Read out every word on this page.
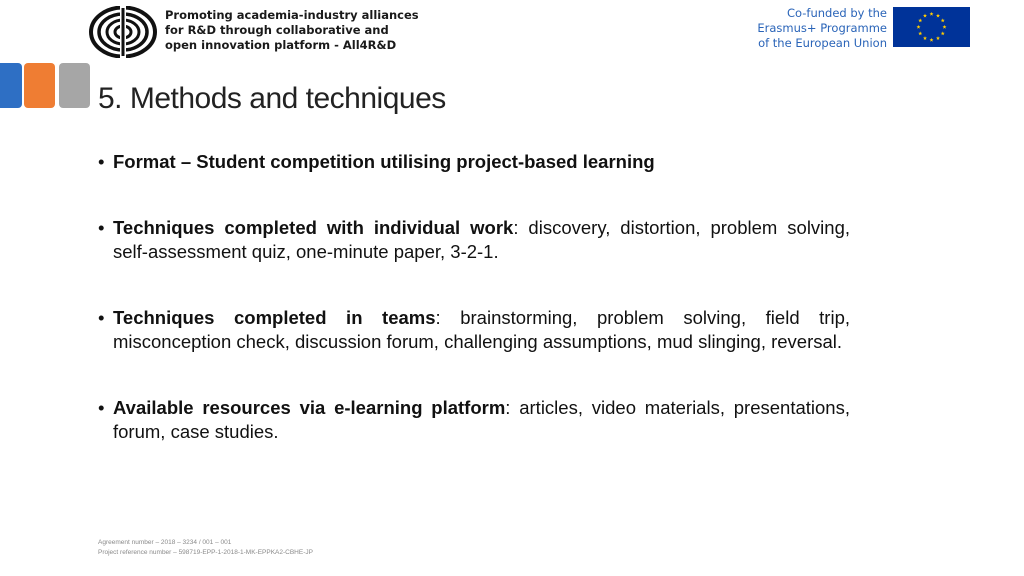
Promoting academia-industry alliances
for R&D through collaborative and
open innovation platform - All4R&D
Co-funded by the
Erasmus+ Programme
of the European Union
5. Methods and techniques
• Format – Student competition utilising project-based learning
• Techniques completed with individual work: discovery, distortion, problem solving, self-assessment quiz, one-minute paper, 3-2-1.
• Techniques completed in teams: brainstorming, problem solving, field trip, misconception check, discussion forum, challenging assumptions, mud slinging, reversal.
• Available resources via e-learning platform: articles, video materials, presentations, forum, case studies.
Agreement number – 2018 – 3234 / 001 – 001
Project reference number – 598719-EPP-1-2018-1-MK-EPPKA2-CBHE-JP
